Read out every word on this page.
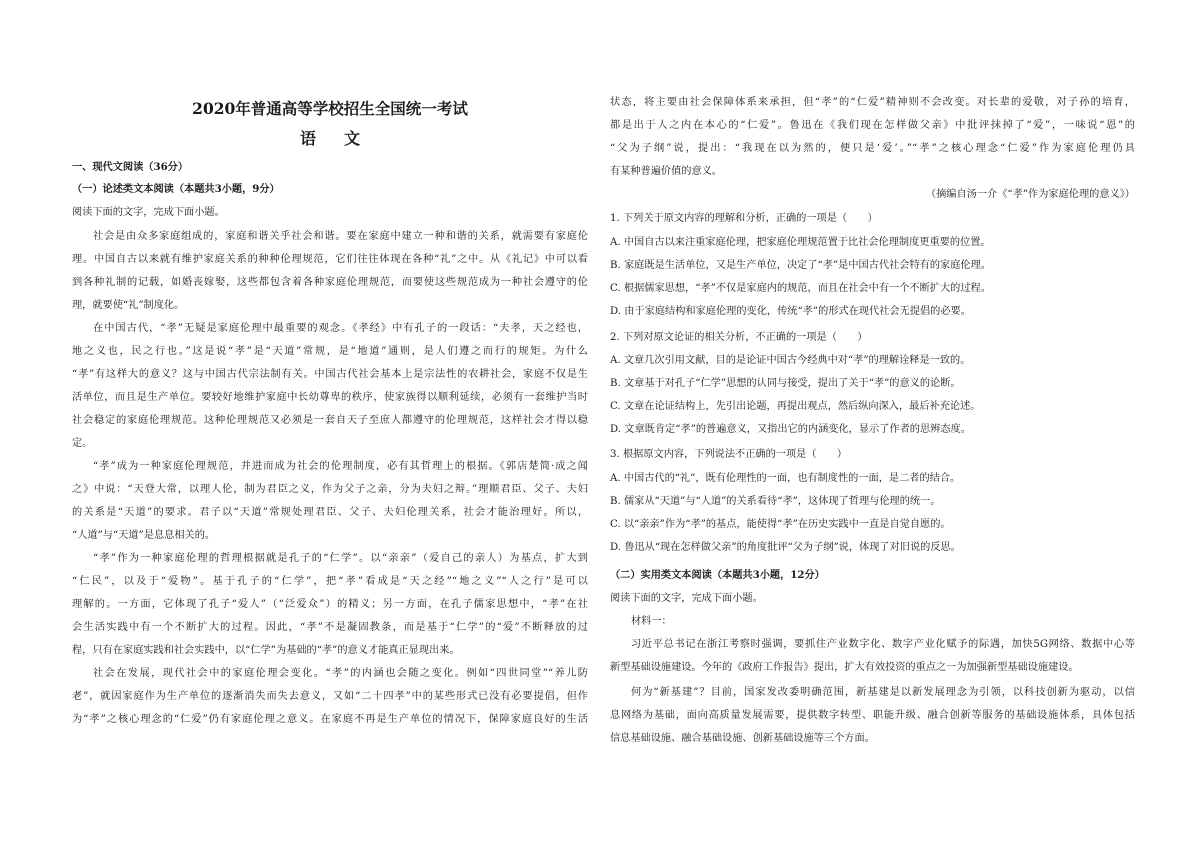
2020年普通高等学校招生全国统一考试
语文
一、现代文阅读（36分）
（一）论述类文本阅读（本题共3小题，9分）
阅读下面的文字，完成下面小题。
社会是由众多家庭组成的，家庭和谐关乎社会和谐。要在家庭中建立一种和谐的关系，就需要有家庭伦
理。中国自古以来就有维护家庭关系的种种伦理规范，它们往往体现在各种“礼”之中。从《礼记》中可以看
到各种礼制的记载，如婚丧嫁娶，这些都包含着各种家庭伦理规范，而要使这些规范成为一种社会遵守的伦
理，就要使“礼”制度化。
在中国古代，“孝”无疑是家庭伦理中最重要的观念。《孝经》中有孔子的一段话：“夫孝，天之经也，
地之义也，民之行也。”这是说“孝”是“天道”常规，是“地道”通则，是人们遵之而行的规矩。为什么
“孝”有这样大的意义？这与中国古代宗法制有关。中国古代社会基本上是宗法性的农耕社会，家庭不仅是生
活单位，而且是生产单位。要较好地维护家庭中长幼尊卑的秩序，使家族得以顺利延续，必须有一套维护当时
社会稳定的家庭伦理规范。这种伦理规范又必须是一套自天子至庶人都遵守的伦理规范，这样社会才得以稳
定。
“孝”成为一种家庭伦理规范，并进而成为社会的伦理制度，必有其哲理上的根据。《郭店楚简·成之闻
之》中说：“天登大常，以理人伦，制为君臣之义，作为父子之亲，分为夫妇之辩。”理顺君臣、父子、夫妇
的关系是“天道”的要求。君子以“天道”常规处理君臣、父子、夫妇伦理关系，社会才能治理好。所以，
“人道”与“天道”是息息相关的。
“孝”作为一种家庭伦理的哲理根据就是孔子的“仁学”。以“亲亲”（爱自己的亲人）为基点，扩大到
“仁民”，以及于“爱物”。基于孔子的“仁学”，把“孝”看成是“天之经”“地之义”“人之行”是可以
理解的。一方面，它体现了孔子“爱人”（“泛爱众”）的精义；另一方面，在孔子儒家思想中，“孝”在社
会生活实践中有一个不断扩大的过程。因此，“孝”不是凝固教条，而是基于“仁学”的“爱”不断释放的过
程，只有在家庭实践和社会实践中，以“仁学”为基础的“孝”的意义才能真正显现出来。
社会在发展，现代社会中的家庭伦理会变化。“孝”的内涵也会随之变化。例如“四世同堂”“养儿防
老”，就因家庭作为生产单位的逐渐消失而失去意义，又如“二十四孝”中的某些形式已没有必要提倡，但作
为“孝”之核心理念的“仁爱”仍有家庭伦理之意义。在家庭不再是生产单位的情况下，保障家庭良好的生活
状态，将主要由社会保障体系来承担，但“孝”的“仁爱”精神则不会改变。对长辈的爱敬，对子孙的培育，
都是出于人之内在本心的“仁爱”。鲁迅在《我们现在怎样做父亲》中批评抹掉了“爱”，一味说“恩”的
“父为子纲”说，提出：“我现在以为然的，便只是‘爱’。”“孝”之核心理念“仁爱”作为家庭伦理仍具
有某种普遍价值的意义。
（摘编自汤一介《“孝”作为家庭伦理的意义》）
1. 下列关于原文内容的理解和分析，正确的一项是（　　）
A. 中国自古以来注重家庭伦理，把家庭伦理规范置于比社会伦理制度更重要的位置。
B. 家庭既是生活单位，又是生产单位，决定了“孝”是中国古代社会特有的家庭伦理。
C. 根据儒家思想，“孝”不仅是家庭内的规范，而且在社会中有一个不断扩大的过程。
D. 由于家庭结构和家庭伦理的变化，传统“孝”的形式在现代社会无提倡的必要。
2. 下列对原文论证的相关分析，不正确的一项是（　　）
A. 文章几次引用文献，目的是论证中国古今经典中对“孝”的理解诠释是一致的。
B. 文章基于对孔子“仁学”思想的认同与接受，提出了关于“孝”的意义的论断。
C. 文章在论证结构上，先引出论题，再提出观点，然后纵向深入，最后补充论述。
D. 文章既肯定“孝”的普遍意义，又指出它的内涵变化，显示了作者的思辨态度。
3. 根据原文内容，下列说法不正确的一项是（　　）
A. 中国古代的“礼”，既有伦理性的一面，也有制度性的一面，是二者的结合。
B. 儒家从“天道”与“人道”的关系看待“孝”，这体现了哲理与伦理的统一。
C. 以“亲亲”作为“孝”的基点，能使得“孝”在历史实践中一直是自觉自愿的。
D. 鲁迅从“现在怎样做父亲”的角度批评“父为子纲”说，体现了对旧说的反思。
（二）实用类文本阅读（本题共3小题，12分）
阅读下面的文字，完成下面小题。
材料一：
习近平总书记在浙江考察时强调，要抓住产业数字化、数字产业化赋予的际遇，加快5G网络、数据中心等
新型基础设施建设。今年的《政府工作报告》提出，扩大有效投资的重点之一为加强新型基础设施建设。
何为“新基建”？目前，国家发改委明确范围，新基建是以新发展理念为引领，以科技创新为驱动，以信
息网络为基础，面向高质量发展需要，提供数字转型、职能升级、融合创新等服务的基础设施体系，具体包括
信息基础设施、融合基础设施、创新基础设施等三个方面。
